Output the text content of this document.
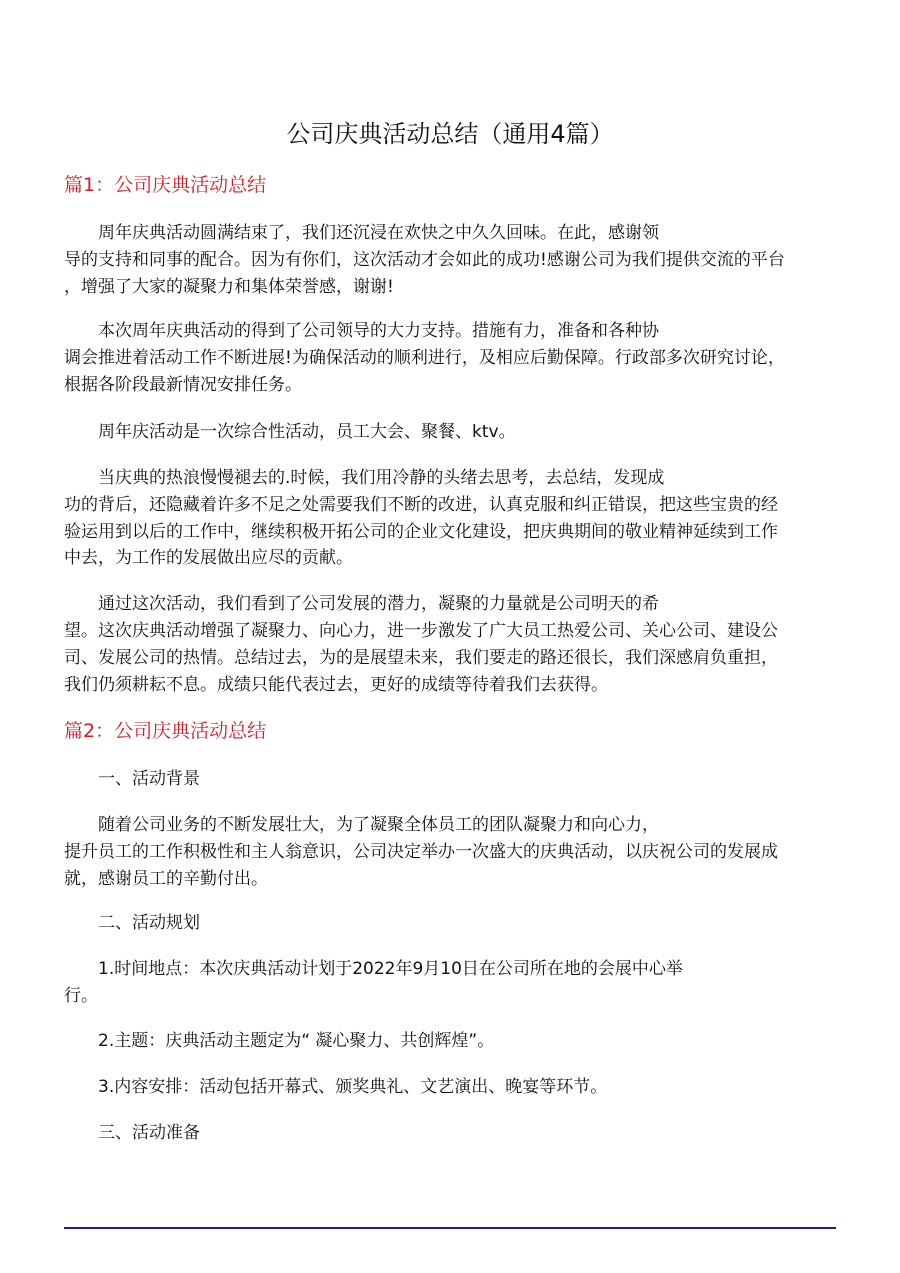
公司庆典活动总结（通用4篇）
篇1：公司庆典活动总结
周年庆典活动圆满结束了，我们还沉浸在欢快之中久久回味。在此，感谢领
导的支持和同事的配合。因为有你们，这次活动才会如此的成功!感谢公司为我们提供交流的平台
，增强了大家的凝聚力和集体荣誉感，谢谢!
本次周年庆典活动的得到了公司领导的大力支持。措施有力，准备和各种协
调会推进着活动工作不断进展!为确保活动的顺利进行，及相应后勤保障。行政部多次研究讨论，
根据各阶段最新情况安排任务。
周年庆活动是一次综合性活动，员工大会、聚餐、ktv。
当庆典的热浪慢慢褪去的.时候，我们用冷静的头绪去思考，去总结，发现成
功的背后，还隐藏着许多不足之处需要我们不断的改进，认真克服和纠正错误，把这些宝贵的经
验运用到以后的工作中，继续积极开拓公司的企业文化建设，把庆典期间的敬业精神延续到工作
中去，为工作的发展做出应尽的贡献。
通过这次活动，我们看到了公司发展的潜力，凝聚的力量就是公司明天的希
望。这次庆典活动增强了凝聚力、向心力，进一步激发了广大员工热爱公司、关心公司、建设公
司、发展公司的热情。总结过去，为的是展望未来，我们要走的路还很长，我们深感肩负重担，
我们仍须耕耘不息。成绩只能代表过去，更好的成绩等待着我们去获得。
篇2：公司庆典活动总结
一、活动背景
随着公司业务的不断发展壮大，为了凝聚全体员工的团队凝聚力和向心力，
提升员工的工作积极性和主人翁意识，公司决定举办一次盛大的庆典活动，以庆祝公司的发展成
就，感谢员工的辛勤付出。
二、活动规划
1.时间地点：本次庆典活动计划于2022年9月10日在公司所在地的会展中心举
行。
2.主题：庆典活动主题定为“ 凝心聚力、共创辉煌”。
3.内容安排：活动包括开幕式、颁奖典礼、文艺演出、晚宴等环节。
三、活动准备
